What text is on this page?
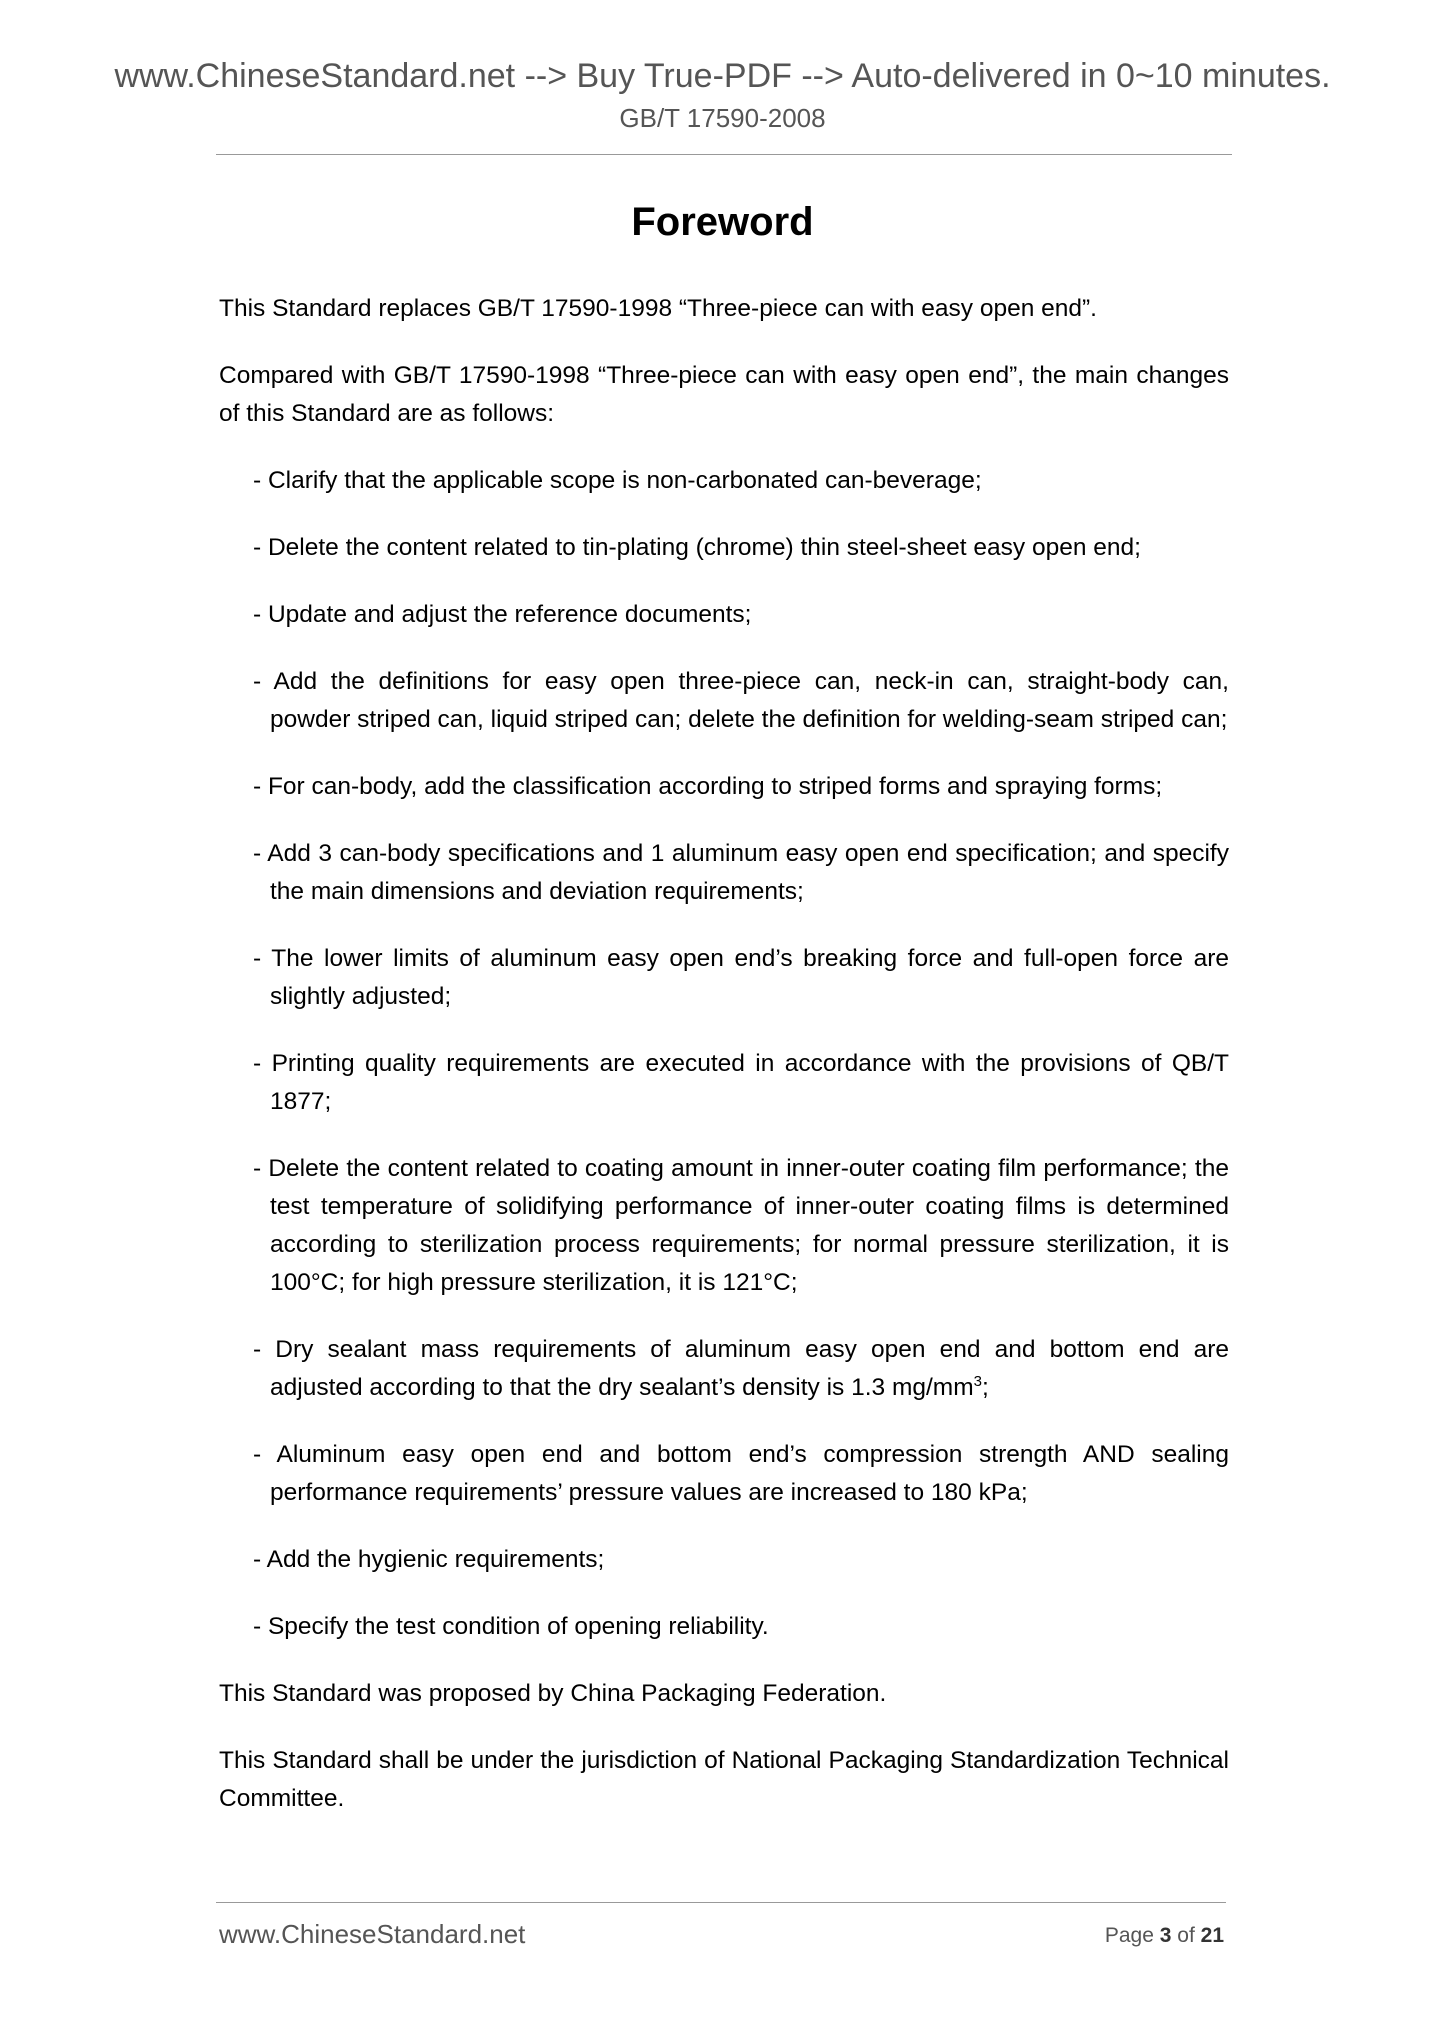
www.ChineseStandard.net --> Buy True-PDF --> Auto-delivered in 0~10 minutes.
GB/T 17590-2008
Foreword

This Standard replaces GB/T 17590-1998 “Three-piece can with easy open end”.

Compared with GB/T 17590-1998 “Three-piece can with easy open end”, the main changes of this Standard are as follows:

- Clarify that the applicable scope is non-carbonated can-beverage;

- Delete the content related to tin-plating (chrome) thin steel-sheet easy open end;

- Update and adjust the reference documents;

- Add the definitions for easy open three-piece can, neck-in can, straight-body can, powder striped can, liquid striped can; delete the definition for welding-seam striped can;

- For can-body, add the classification according to striped forms and spraying forms;

- Add 3 can-body specifications and 1 aluminum easy open end specification; and specify the main dimensions and deviation requirements;

- The lower limits of aluminum easy open end’s breaking force and full-open force are slightly adjusted;

- Printing quality requirements are executed in accordance with the provisions of QB/T 1877;

- Delete the content related to coating amount in inner-outer coating film performance; the test temperature of solidifying performance of inner-outer coating films is determined according to sterilization process requirements; for normal pressure sterilization, it is 100°C; for high pressure sterilization, it is 121°C;

- Dry sealant mass requirements of aluminum easy open end and bottom end are adjusted according to that the dry sealant’s density is 1.3 $mg/mm^3$;

- Aluminum easy open end and bottom end’s compression strength AND sealing performance requirements’ pressure values are increased to 180 kPa;

- Add the hygienic requirements;

- Specify the test condition of opening reliability.

This Standard was proposed by China Packaging Federation.

This Standard shall be under the jurisdiction of National Packaging Standardization Technical Committee.

www.ChineseStandard.net	Page 3 of 21
